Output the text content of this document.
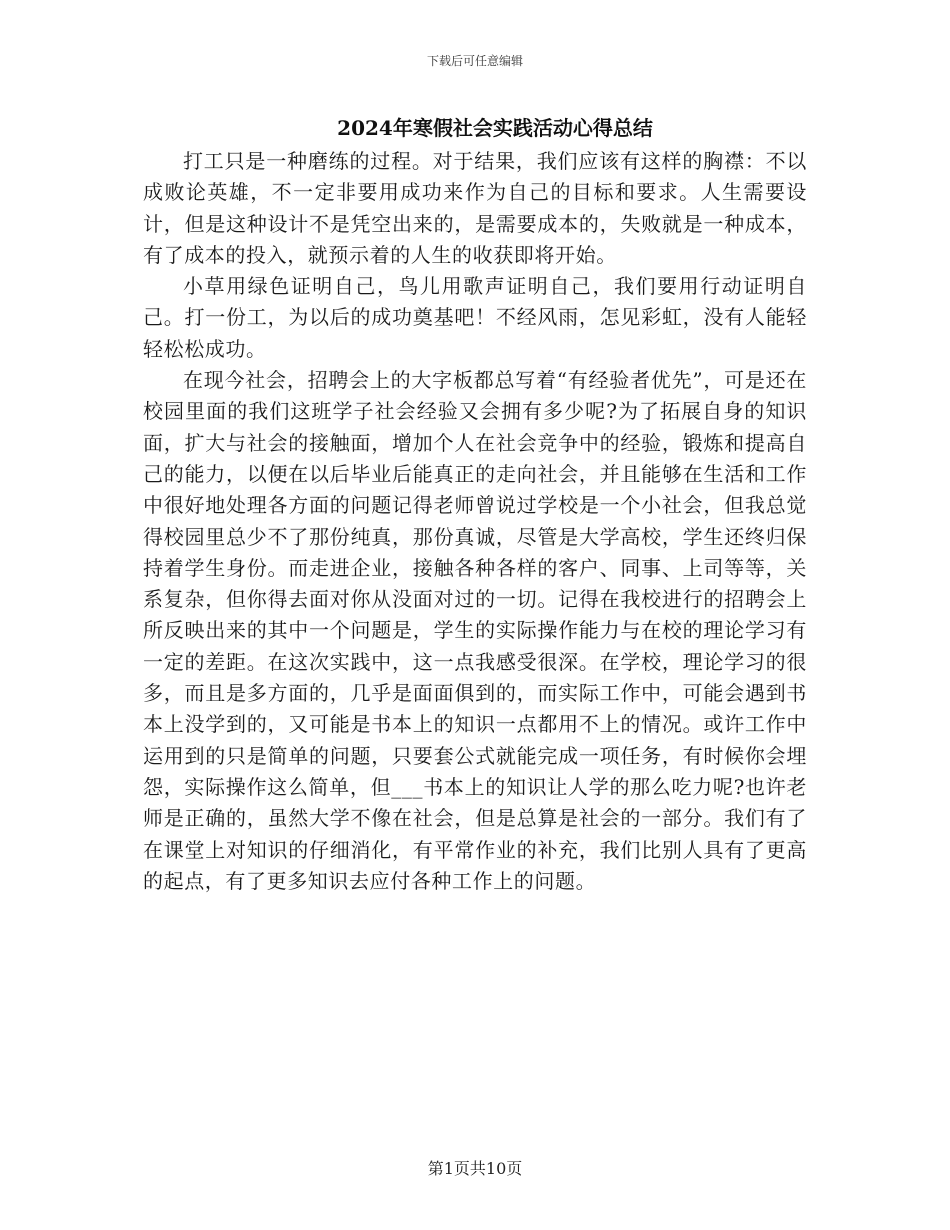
下载后可任意编辑
2024年寒假社会实践活动心得总结

打工只是一种磨练的过程。对于结果，我们应该有这样的胸襟：不以成败论英雄，不一定非要用成功来作为自己的目标和要求。人生需要设计，但是这种设计不是凭空出来的，是需要成本的，失败就是一种成本，有了成本的投入，就预示着的人生的收获即将开始。

小草用绿色证明自己，鸟儿用歌声证明自己，我们要用行动证明自己。打一份工，为以后的成功奠基吧！不经风雨，怎见彩虹，没有人能轻轻松松成功。

在现今社会，招聘会上的大字板都总写着“有经验者优先”，可是还在校园里面的我们这班学子社会经验又会拥有多少呢?为了拓展自身的知识面，扩大与社会的接触面，增加个人在社会竞争中的经验，锻炼和提高自己的能力，以便在以后毕业后能真正的走向社会，并且能够在生活和工作中很好地处理各方面的问题记得老师曾说过学校是一个小社会，但我总觉得校园里总少不了那份纯真，那份真诚，尽管是大学高校，学生还终归保持着学生身份。而走进企业，接触各种各样的客户、同事、上司等等，关系复杂，但你得去面对你从没面对过的一切。记得在我校进行的招聘会上所反映出来的其中一个问题是，学生的实际操作能力与在校的理论学习有一定的差距。在这次实践中，这一点我感受很深。在学校，理论学习的很多，而且是多方面的，几乎是面面俱到的，而实际工作中，可能会遇到书本上没学到的，又可能是书本上的知识一点都用不上的情况。或许工作中运用到的只是简单的问题，只要套公式就能完成一项任务，有时候你会埋怨，实际操作这么简单，但___书本上的知识让人学的那么吃力呢?也许老师是正确的，虽然大学不像在社会，但是总算是社会的一部分。我们有了在课堂上对知识的仔细消化，有平常作业的补充，我们比别人具有了更高的起点，有了更多知识去应付各种工作上的问题。

第1页共10页
